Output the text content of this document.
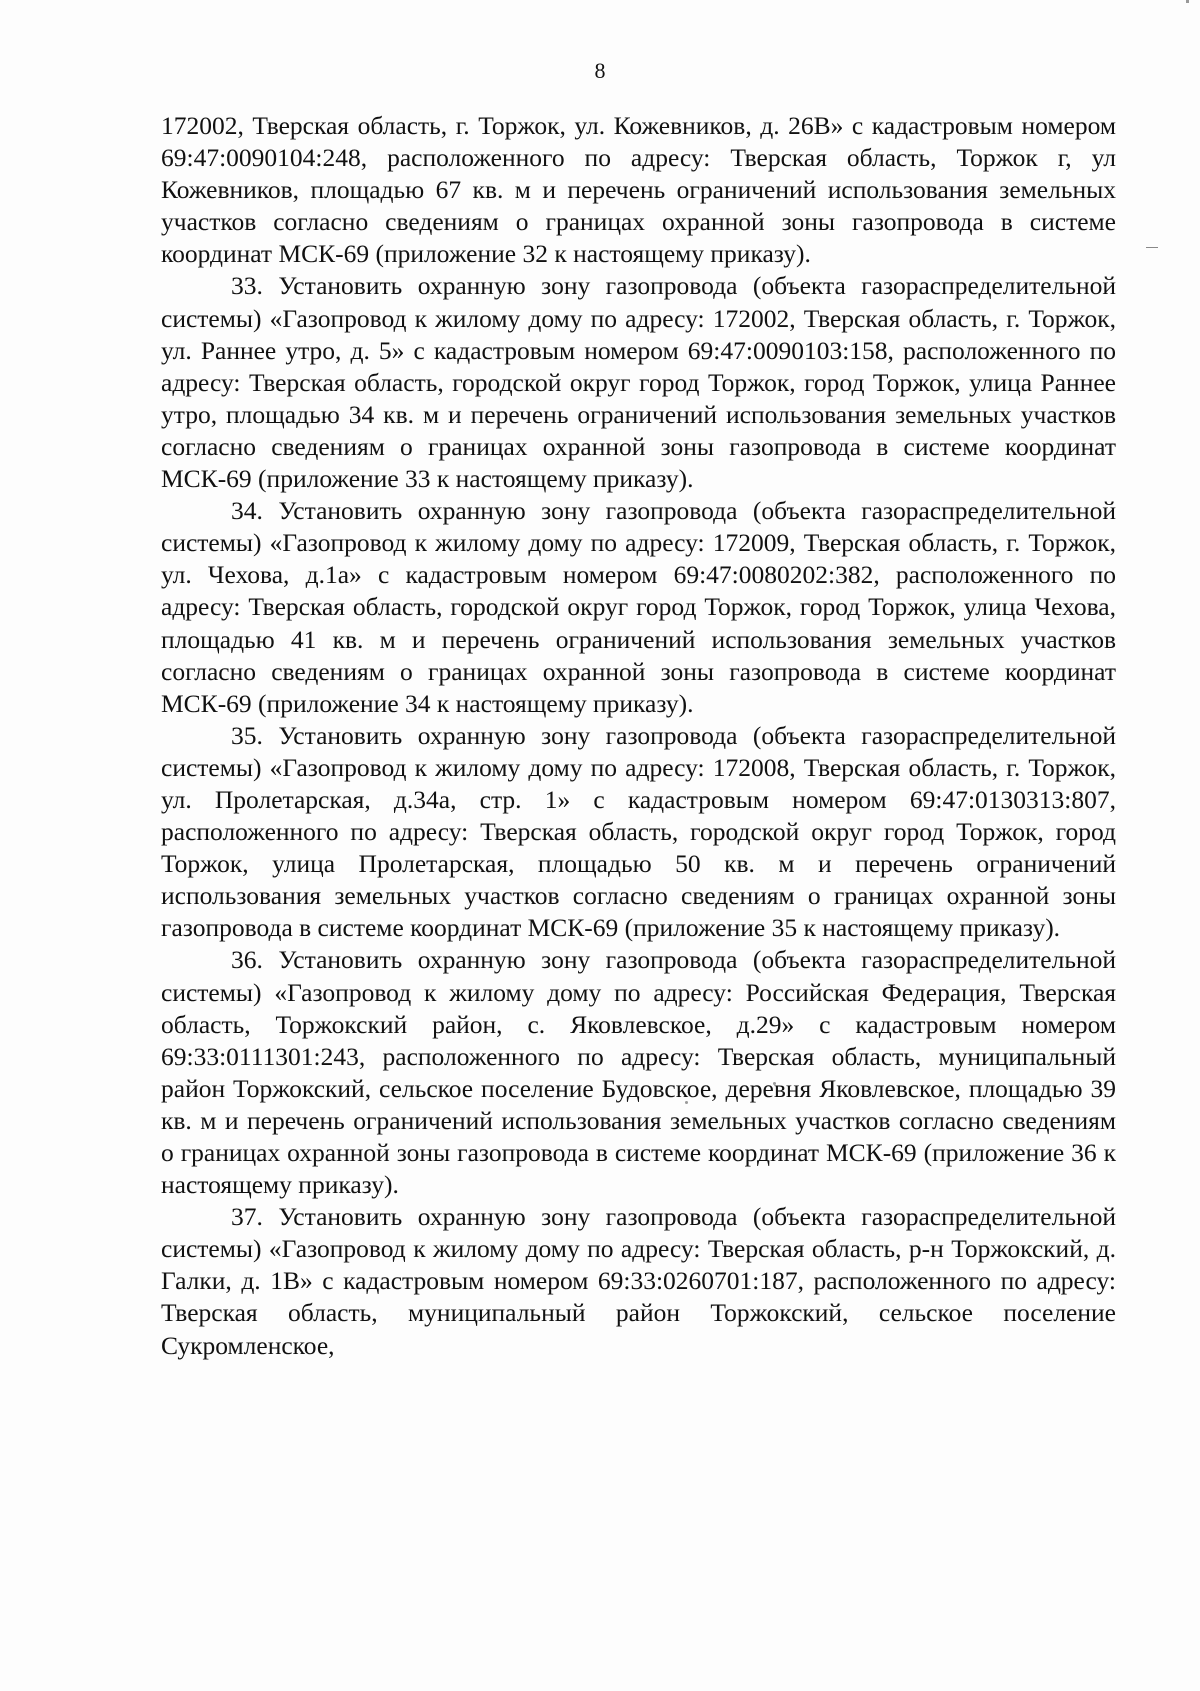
8

172002, Тверская область, г. Торжок, ул. Кожевников, д. 26В» с кадастровым номером 69:47:0090104:248, расположенного по адресу: Тверская область, Торжок г, ул Кожевников, площадью 67 кв. м и перечень ограничений использования земельных участков согласно сведениям о границах охранной зоны газопровода в системе координат МСК-69 (приложение 32 к настоящему приказу).

33. Установить охранную зону газопровода (объекта газораспределительной системы) «Газопровод к жилому дому по адресу: 172002, Тверская область, г. Торжок, ул. Раннее утро, д. 5» с кадастровым номером 69:47:0090103:158, расположенного по адресу: Тверская область, городской округ город Торжок, город Торжок, улица Раннее утро, площадью 34 кв. м и перечень ограничений использования земельных участков согласно сведениям о границах охранной зоны газопровода в системе координат МСК-69 (приложение 33 к настоящему приказу).

34. Установить охранную зону газопровода (объекта газораспределительной системы) «Газопровод к жилому дому по адресу: 172009, Тверская область, г. Торжок, ул. Чехова, д.1а» с кадастровым номером 69:47:0080202:382, расположенного по адресу: Тверская область, городской округ город Торжок, город Торжок, улица Чехова, площадью 41 кв. м и перечень ограничений использования земельных участков согласно сведениям о границах охранной зоны газопровода в системе координат МСК-69 (приложение 34 к настоящему приказу).

35. Установить охранную зону газопровода (объекта газораспределительной системы) «Газопровод к жилому дому по адресу: 172008, Тверская область, г. Торжок, ул. Пролетарская, д.34а, стр. 1» с кадастровым номером 69:47:0130313:807, расположенного по адресу: Тверская область, городской округ город Торжок, город Торжок, улица Пролетарская, площадью 50 кв. м и перечень ограничений использования земельных участков согласно сведениям о границах охранной зоны газопровода в системе координат МСК-69 (приложение 35 к настоящему приказу).

36. Установить охранную зону газопровода (объекта газораспределительной системы) «Газопровод к жилому дому по адресу: Российская Федерация, Тверская область, Торжокский район, с. Яковлевское, д.29» с кадастровым номером 69:33:0111301:243, расположенного по адресу: Тверская область, муниципальный район Торжокский, сельское поселение Будовское, деревня Яковлевское, площадью 39 кв. м и перечень ограничений использования земельных участков согласно сведениям о границах охранной зоны газопровода в системе координат МСК-69 (приложение 36 к настоящему приказу).

37. Установить охранную зону газопровода (объекта газораспределительной системы) «Газопровод к жилому дому по адресу: Тверская область, р-н Торжокский, д. Галки, д. 1В» с кадастровым номером 69:33:0260701:187, расположенного по адресу: Тверская область, муниципальный район Торжокский, сельское поселение Сукромленское,
